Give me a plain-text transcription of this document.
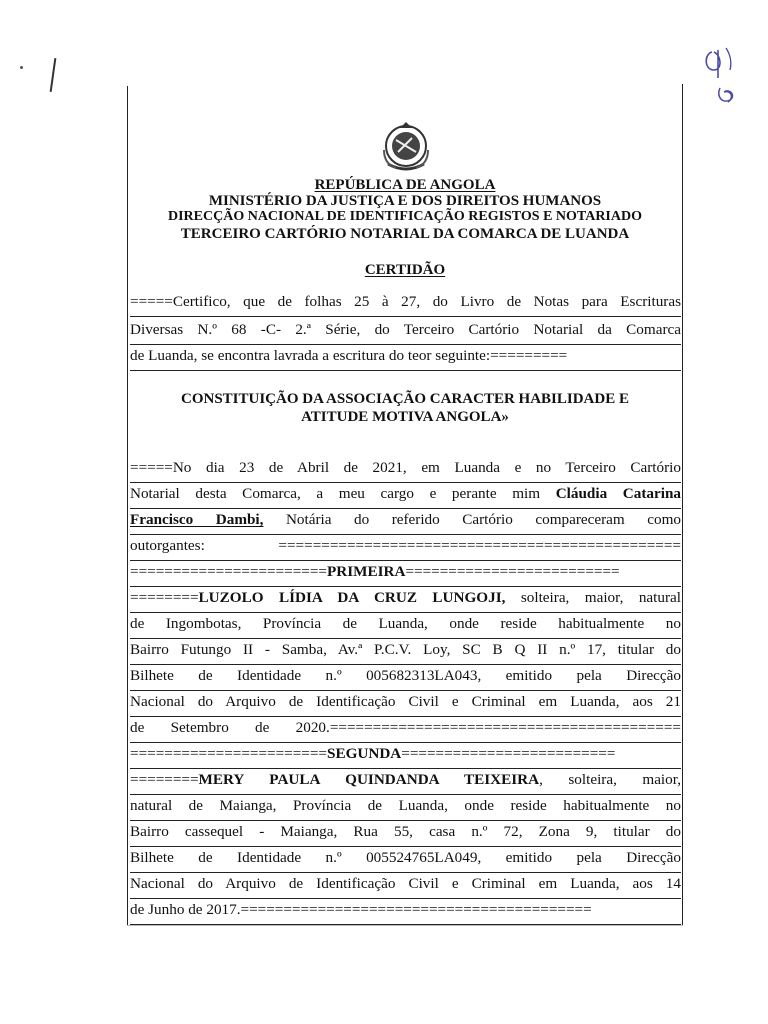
REPÚBLICA DE ANGOLA
MINISTÉRIO DA JUSTIÇA E DOS DIREITOS HUMANOS
DIRECÇÃO NACIONAL DE IDENTIFICAÇÃO REGISTOS E NOTARIADO
TERCEIRO CARTÓRIO NOTARIAL DA COMARCA DE LUANDA
CERTIDÃO
=====Certifico, que de folhas 25 à 27, do Livro de Notas para Escrituras
Diversas N.º 68 -C- 2.ª Série, do Terceiro Cartório Notarial da Comarca
de Luanda, se encontra lavrada a escritura do teor seguinte:=========
CONSTITUIÇÃO DA ASSOCIAÇÃO CARACTER HABILIDADE E
ATITUDE MOTIVA ANGOLA»
=====No dia 23 de Abril de 2021, em Luanda e no Terceiro Cartório
Notarial desta Comarca, a meu cargo e perante mim Cláudia Catarina
Francisco Dambi, Notária do referido Cartório compareceram como
outorgantes: ===============================================
=======================PRIMEIRA=========================
========LUZOLO LÍDIA DA CRUZ LUNGOJI, solteira, maior, natural
de Ingombotas, Província de Luanda, onde reside habitualmente no
Bairro Futungo II - Samba, Av.ª P.C.V. Loy, SC B Q II n.º 17, titular do
Bilhete de Identidade n.º 005682313LA043, emitido pela Direcção
Nacional do Arquivo de Identificação Civil e Criminal em Luanda, aos 21
de Setembro de 2020.=========================================
=======================SEGUNDA=========================
========MERY PAULA QUINDANDA TEIXEIRA, solteira, maior,
natural de Maianga, Província de Luanda, onde reside habitualmente no
Bairro cassequel - Maianga, Rua 55, casa n.º 72, Zona 9, titular do
Bilhete de Identidade n.º 005524765LA049, emitido pela Direcção
Nacional do Arquivo de Identificação Civil e Criminal em Luanda, aos 14
de Junho de 2017.=========================================
